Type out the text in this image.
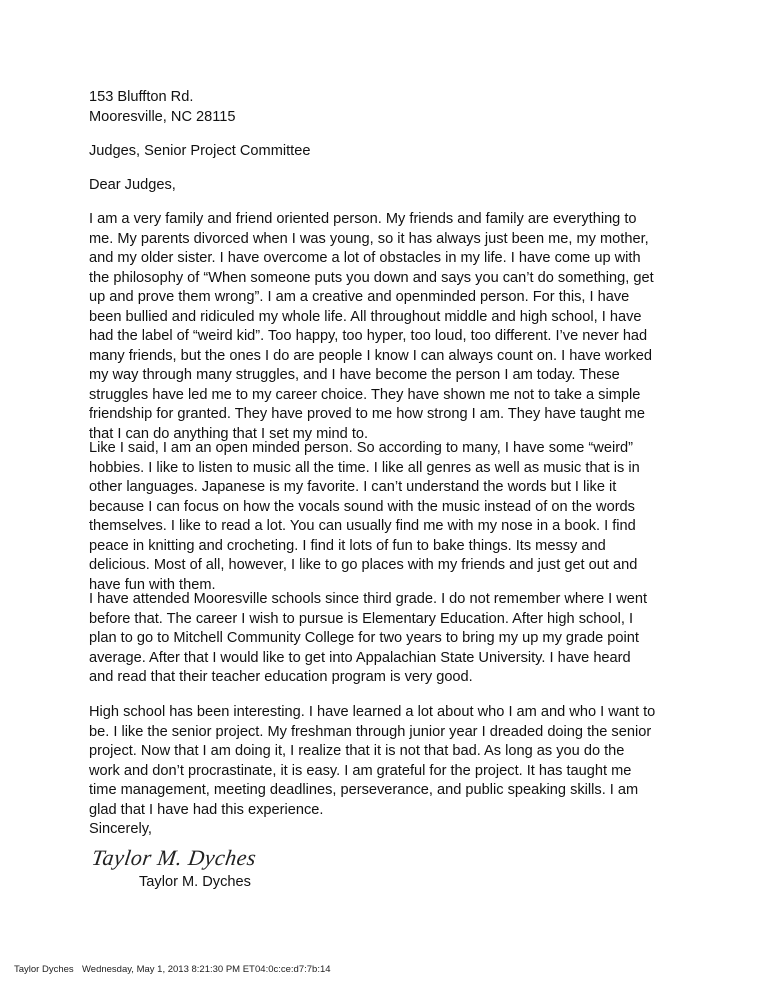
153 Bluffton Rd.
Mooresville, NC 28115
Judges, Senior Project Committee
Dear Judges,
I am a very family and friend oriented person. My friends and family are everything to
me. My parents divorced when I was young, so it has always just been me, my mother,
and my older sister. I have overcome a lot of obstacles in my life. I have come up with
the philosophy of “When someone puts you down and says you can’t do something, get
up and prove them wrong”. I am a creative and openminded person. For this, I have
been bullied and ridiculed my whole life. All throughout middle and high school, I have
had the label of “weird kid”. Too happy, too hyper, too loud, too different. I’ve never had
many friends, but the ones I do are people I know I can always count on. I have worked
my way through many struggles, and I have become the person I am today. These
struggles have led me to my career choice. They have shown me not to take a simple
friendship for granted. They have proved to me how strong I am. They have taught me
that I can do anything that I set my mind to.
Like I said, I am an open minded person. So according to many, I have some “weird”
hobbies. I like to listen to music all the time. I like all genres as well as music that is in
other languages. Japanese is my favorite. I can’t understand the words but I like it
because I can focus on how the vocals sound with the music instead of on the words
themselves. I like to read a lot. You can usually find me with my nose in a book. I find
peace in knitting and crocheting. I find it lots of fun to bake things. Its messy and
delicious. Most of all, however, I like to go places with my friends and just get out and
have fun with them.
I have attended Mooresville schools since third grade. I do not remember where I went
before that. The career I wish to pursue is Elementary Education. After high school, I
plan to go to Mitchell Community College for two years to bring my up my grade point
average. After that I would like to get into Appalachian State University. I have heard
and read that their teacher education program is very good.
High school has been interesting. I have learned a lot about who I am and who I want to
be. I like the senior project. My freshman through junior year I dreaded doing the senior
project. Now that I am doing it, I realize that it is not that bad. As long as you do the
work and don’t procrastinate, it is easy. I am grateful for the project. It has taught me
time management, meeting deadlines, perseverance, and public speaking skills. I am
glad that I have had this experience.
Sincerely,
Taylor M. Dyches
Taylor M. Dyches
Taylor Dyches Wednesday, May 1, 2013 8:21:30 PM ET 04:0c:ce:d7:7b:14
